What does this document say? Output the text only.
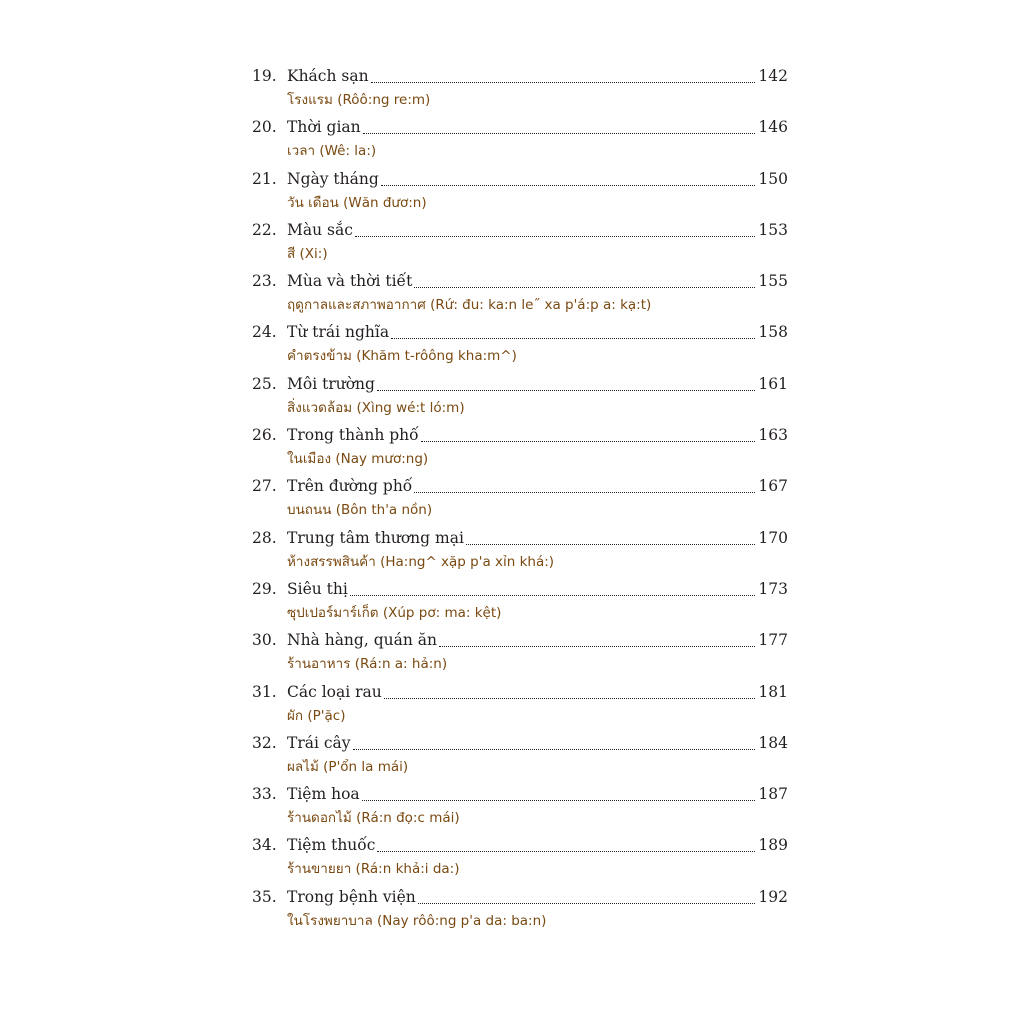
19. Khách sạn	142
โรงแรม (Rôô:ng re:m)
20. Thời gian	146
เวลา (Wê: la:)
21. Ngày tháng	150
วัน เดือน (Wăn đươ:n)
22. Màu sắc	153
สี (Xi:)
23. Mùa và thời tiết	155
ฤดูกาลและสภาพอากาศ (Rứ: đu: ka:n le˝ xa p'á:p a: kạ:t)
24. Từ trái nghĩa	158
คำตรงข้าม (Khăm t-rôông kha:m^)
25. Môi trường	161
สิ่งแวดล้อม (Xìng wé:t ló:m)
26. Trong thành phố	163
ในเมือง (Nay mươ:ng)
27. Trên đường phố	167
บนถนน (Bôn th'a nồn)
28. Trung tâm thương mại	170
ห้างสรรพสินค้า (Ha:ng^ xặp p'a xỉn khá:)
29. Siêu thị	173
ซุปเปอร์มาร์เก็ต (Xúp pơ: ma: kệt)
30. Nhà hàng, quán ăn	177
ร้านอาหาร (Rá:n a: hả:n)
31. Các loại rau	181
ผัก (P'ặc)
32. Trái cây	184
ผลไม้ (P'ổn la mái)
33. Tiệm hoa	187
ร้านดอกไม้ (Rá:n đọ:c mái)
34. Tiệm thuốc	189
ร้านขายยา (Rá:n khả:i da:)
35. Trong bệnh viện	192
ในโรงพยาบาล (Nay rôô:ng p'a da: ba:n)
